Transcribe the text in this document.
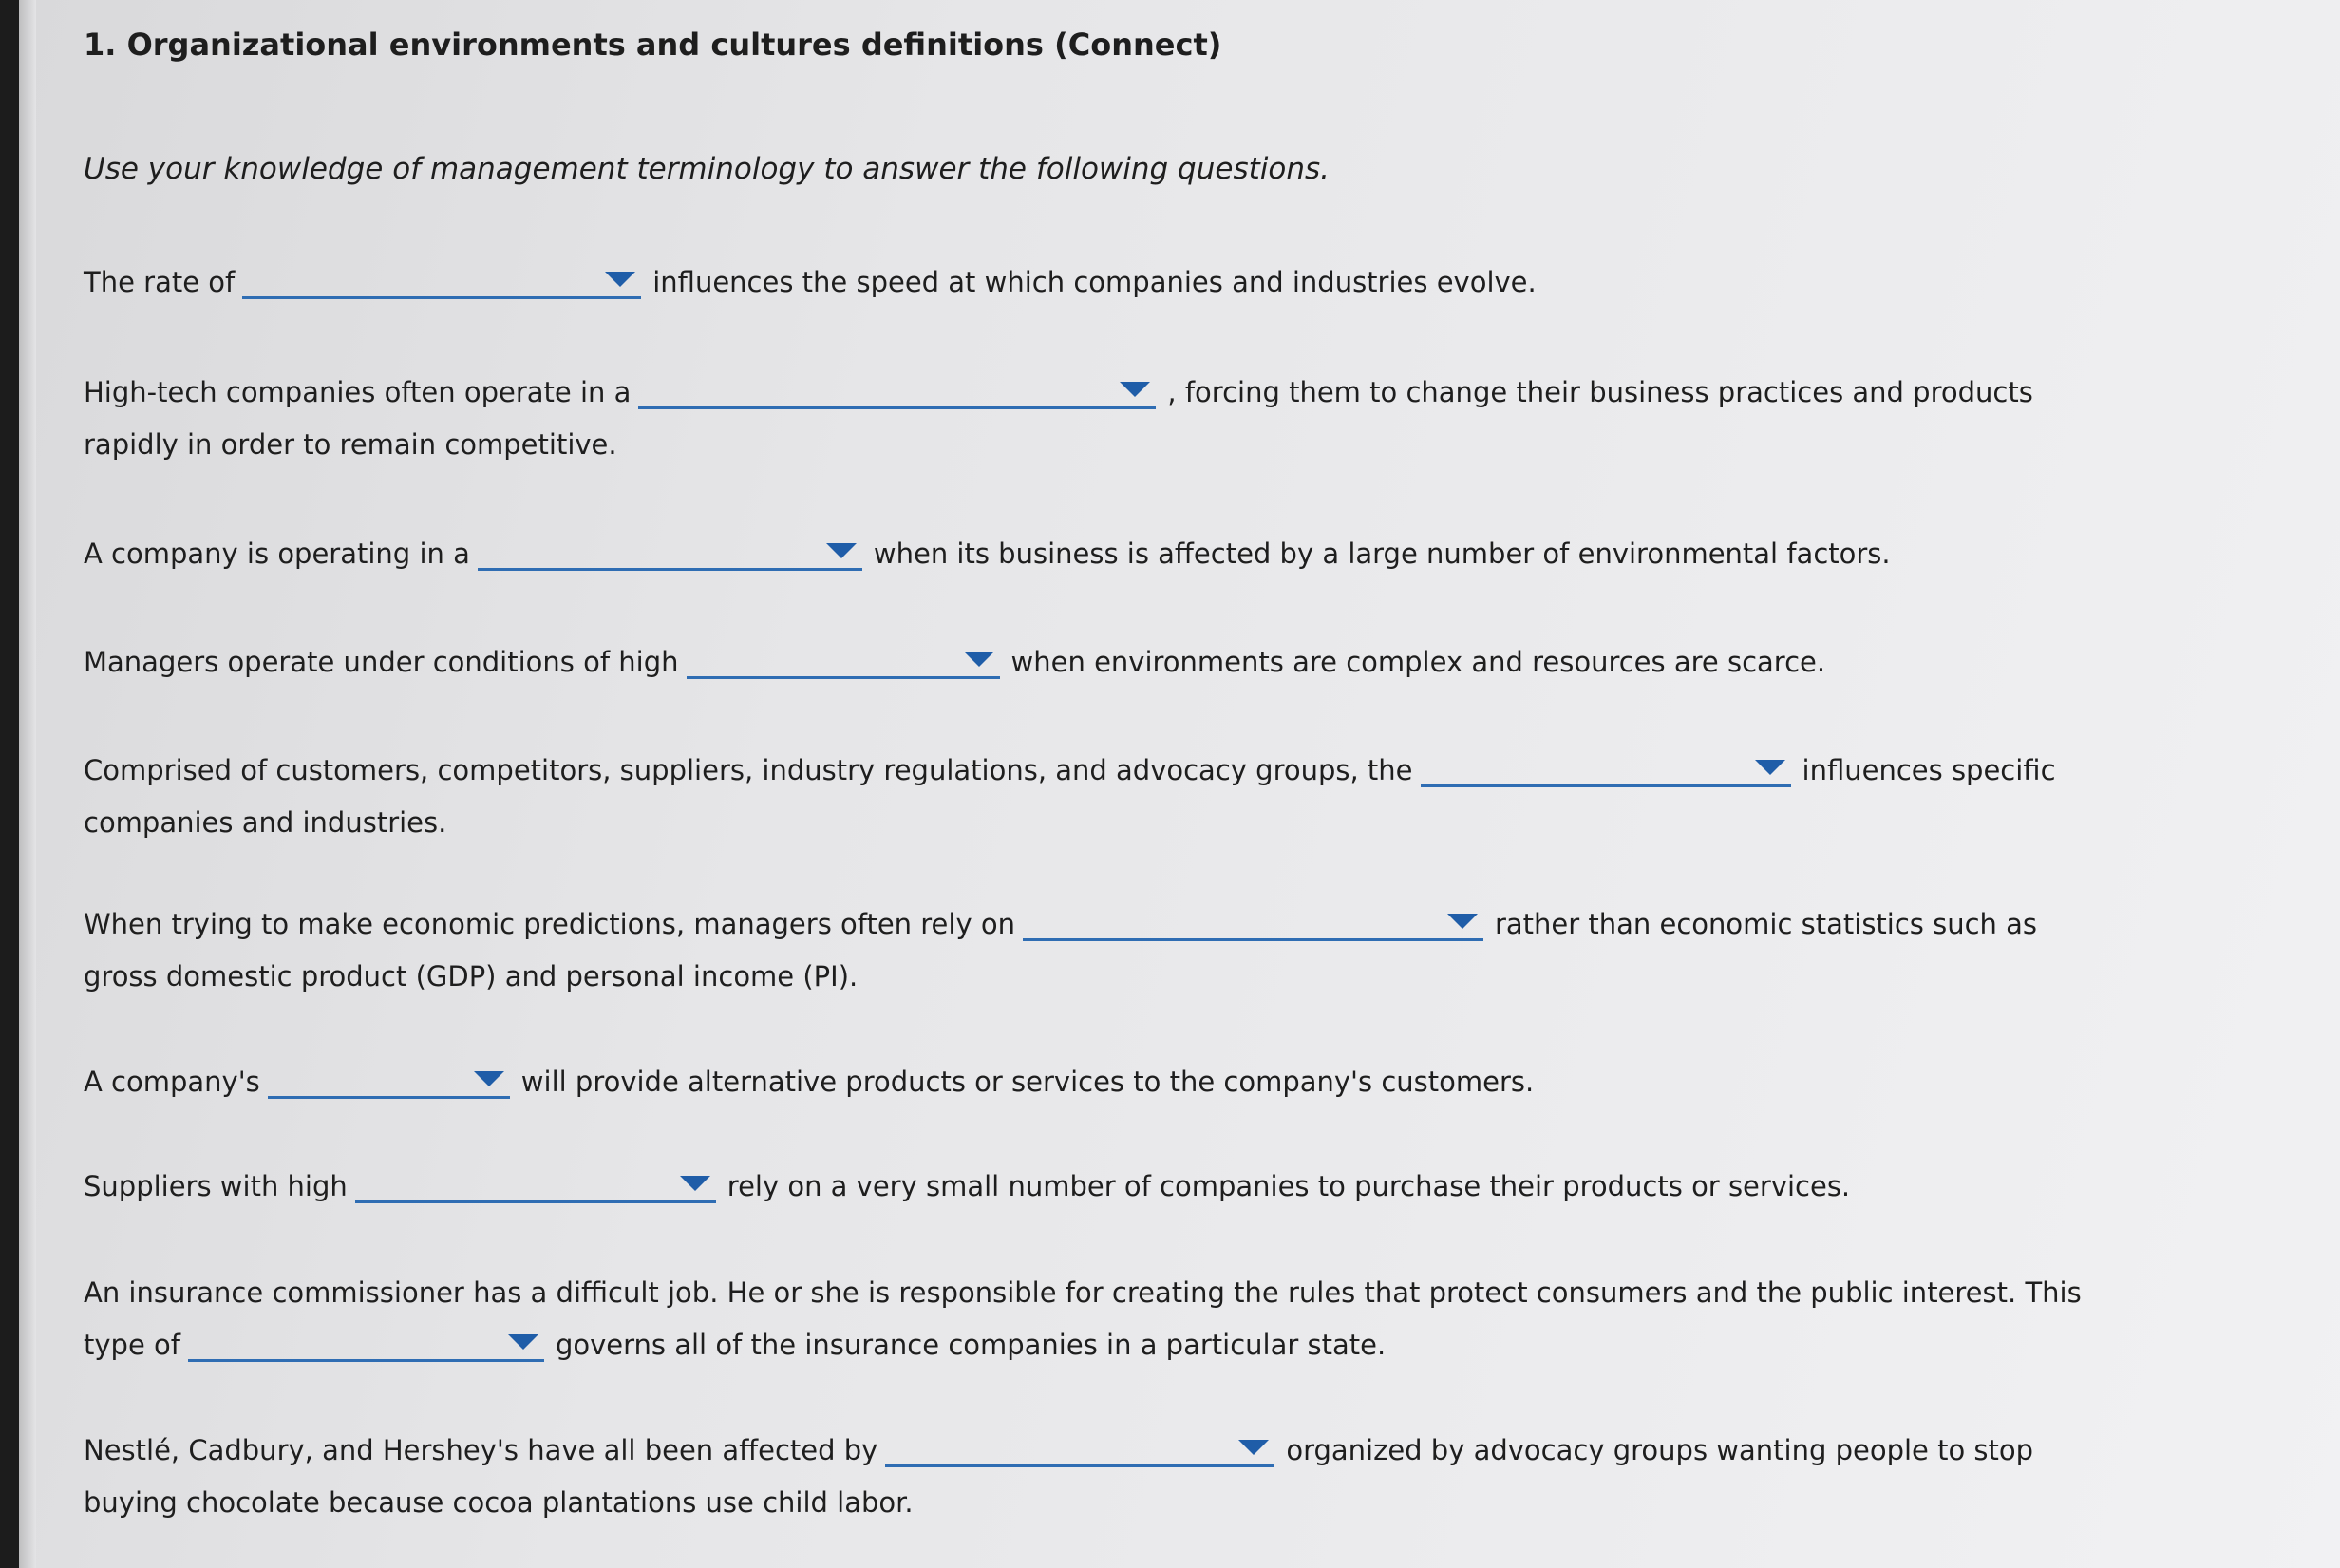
1. Organizational environments and cultures definitions (Connect)
Use your knowledge of management terminology to answer the following questions.
The rate of	influences the speed at which companies and industries evolve.
High-tech companies often operate in a	, forcing them to change their business practices and products rapidly in order to remain competitive.
A company is operating in a	when its business is affected by a large number of environmental factors.
Managers operate under conditions of high	when environments are complex and resources are scarce.
Comprised of customers, competitors, suppliers, industry regulations, and advocacy groups, the	influences specific companies and industries.
When trying to make economic predictions, managers often rely on	rather than economic statistics such as gross domestic product (GDP) and personal income (PI).
A company's	will provide alternative products or services to the company's customers.
Suppliers with high	rely on a very small number of companies to purchase their products or services.
An insurance commissioner has a difficult job. He or she is responsible for creating the rules that protect consumers and the public interest. This type of	governs all of the insurance companies in a particular state.
Nestlé, Cadbury, and Hershey's have all been affected by	organized by advocacy groups wanting people to stop buying chocolate because cocoa plantations use child labor.
